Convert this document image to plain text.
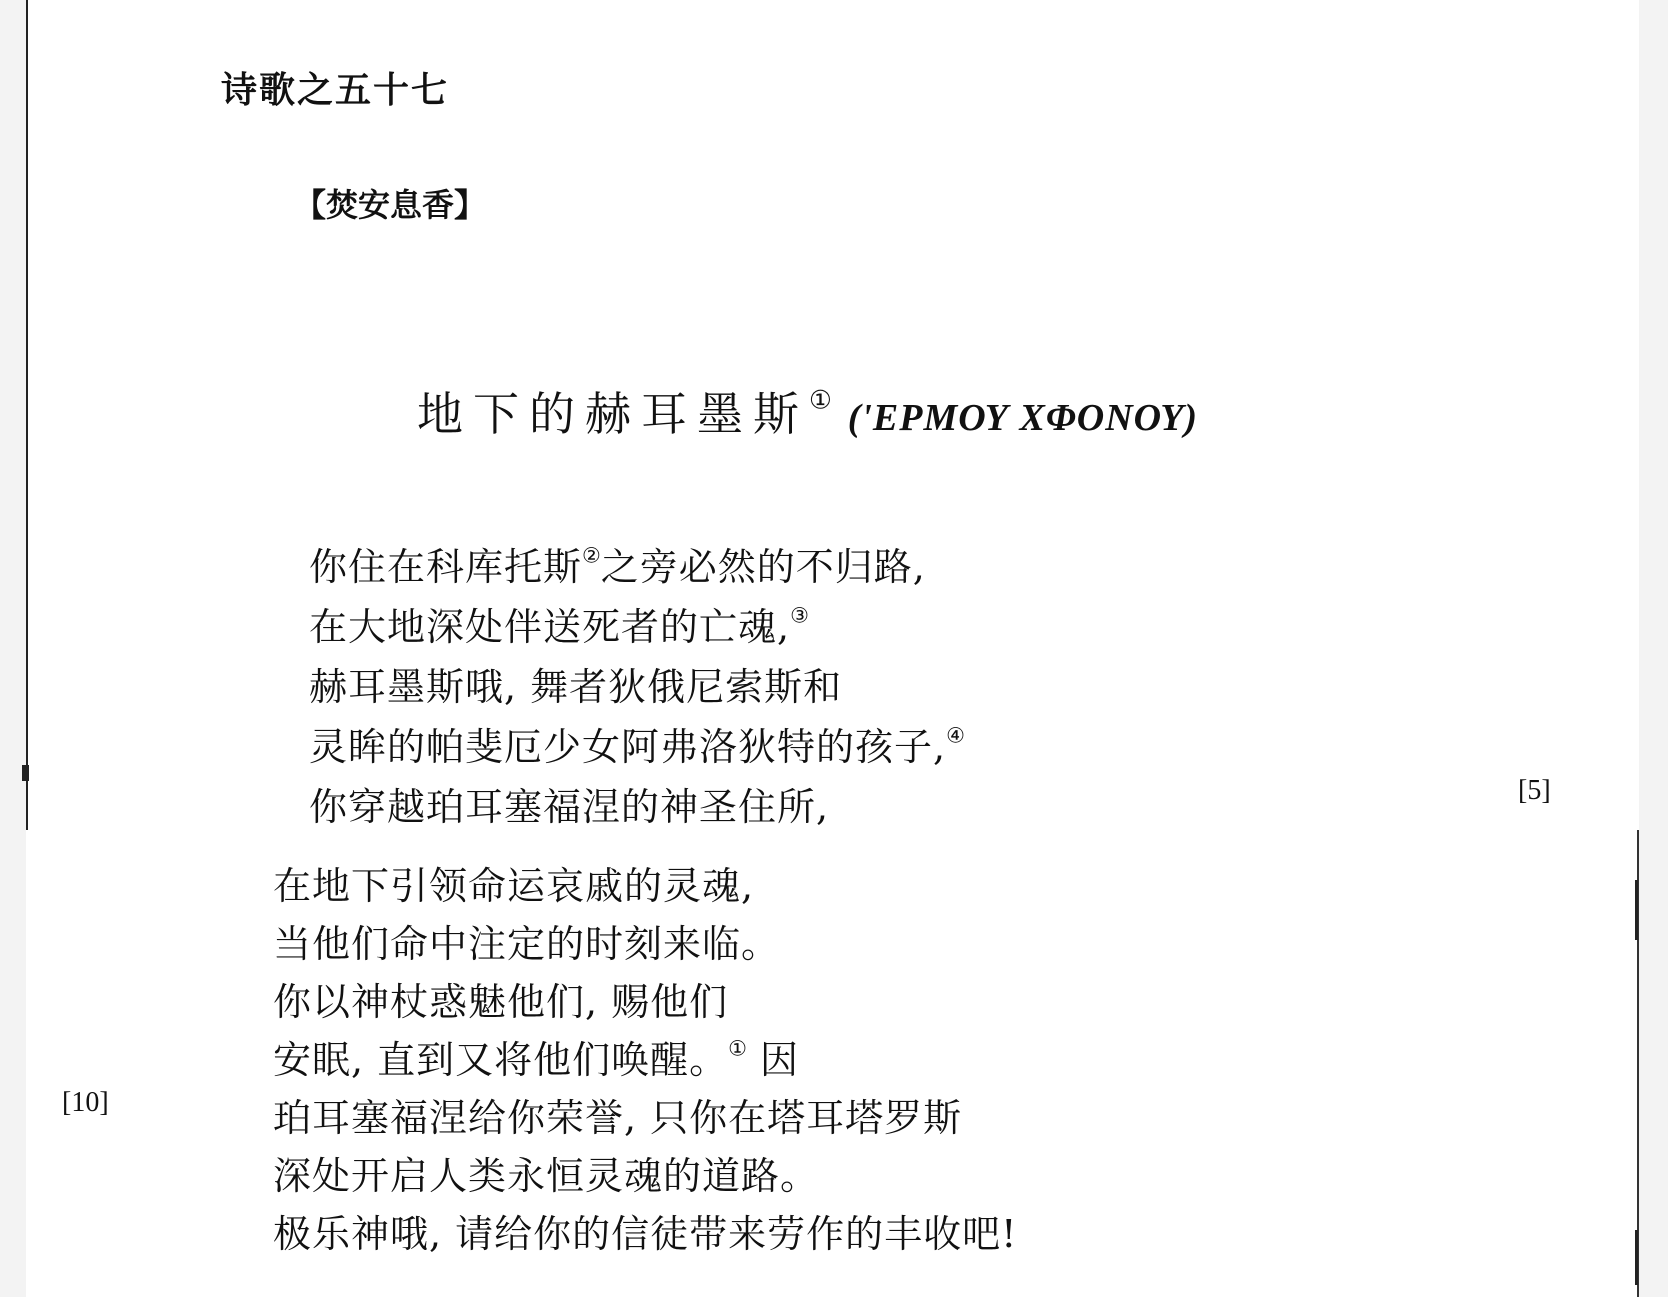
诗歌之五十七
【焚安息香】
地下的赫耳墨斯① ('ΕΡΜΟΥ ΧΦΟΝΟΥ)
你住在科库托斯②之旁必然的不归路,
在大地深处伴送死者的亡魂,③
赫耳墨斯哦, 舞者狄俄尼索斯和
灵眸的帕斐厄少女阿弗洛狄特的孩子,④
你穿越珀耳塞福涅的神圣住所,	[5]
在地下引领命运哀戚的灵魂,
当他们命中注定的时刻来临。
你以神杖惑魅他们, 赐他们
安眠, 直到又将他们唤醒。① 因
珀耳塞福涅给你荣誉, 只你在塔耳塔罗斯
[10]
深处开启人类永恒灵魂的道路。
极乐神哦, 请给你的信徒带来劳作的丰收吧!
